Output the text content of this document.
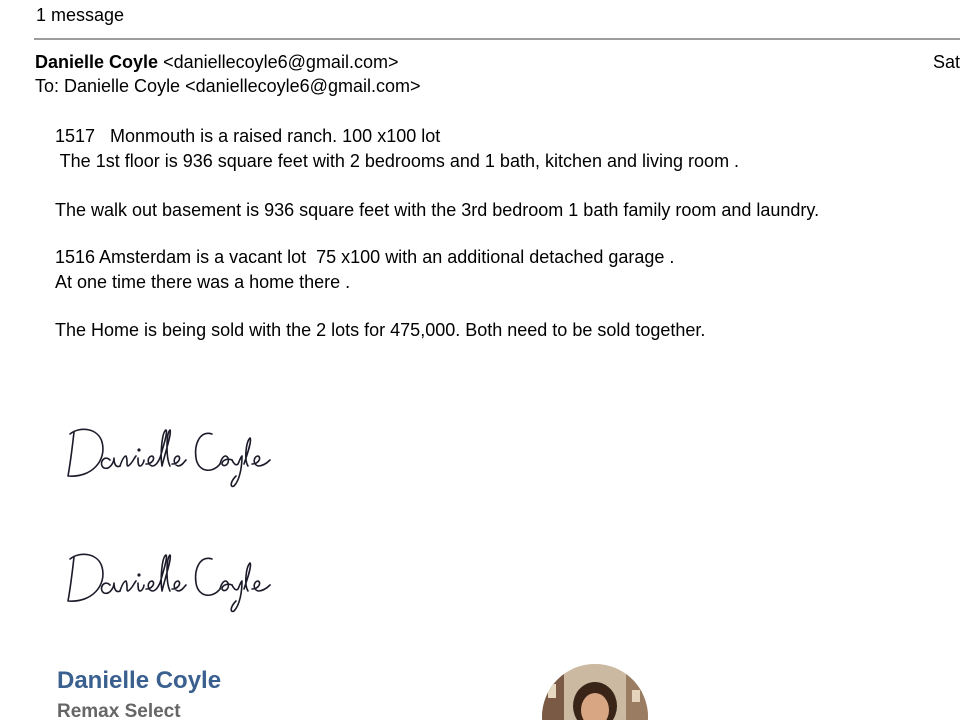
1 message
Danielle Coyle <daniellecoyle6@gmail.com>	Sat
To: Danielle Coyle <daniellecoyle6@gmail.com>
1517   Monmouth is a raised ranch. 100 x100 lot
The 1st floor is 936 square feet with 2 bedrooms and 1 bath, kitchen and living room .
The walk out basement is 936 square feet with the 3rd bedroom 1 bath family room and laundry.
1516 Amsterdam is a vacant lot  75 x100 with an additional detached garage .
At one time there was a home there .
The Home is being sold with the 2 lots for 475,000. Both need to be sold together.
Danielle Coyle
Remax Select
